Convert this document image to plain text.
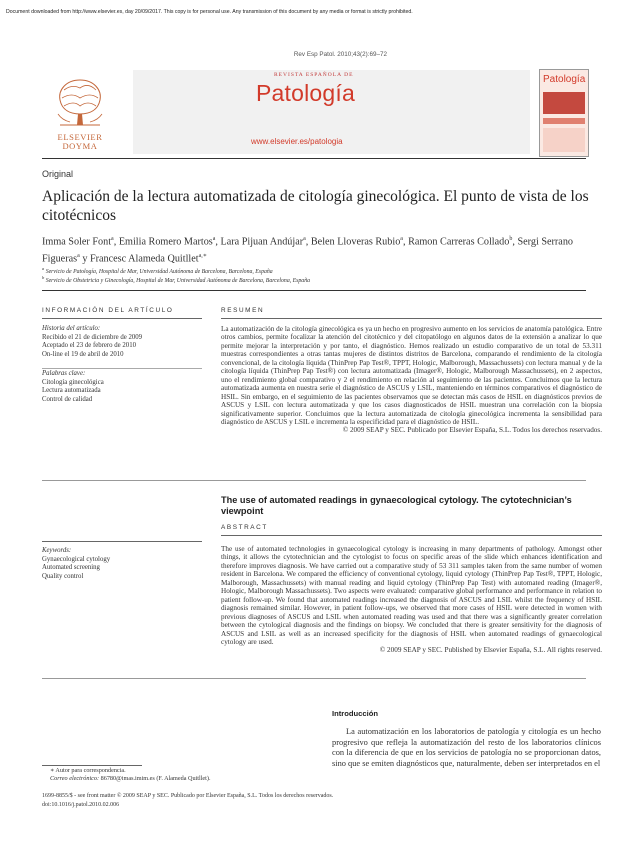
Document downloaded from http://www.elsevier.es, day 20/09/2017. This copy is for personal use. Any transmission of this document by any media or format is strictly prohibited.
Rev Esp Patol. 2010;43(2):69–72
ELSEVIER
DOYMA
REVISTA ESPAÑOLA DE
Patología
www.elsevier.es/patologia
Patología
Original
Aplicación de la lectura automatizada de citología ginecológica. El punto de vista de los citotécnicos
Imma Soler Font$^a$, Emilia Romero Martos$^a$, Lara Pijuan Andújar$^a$, Belen Lloveras Rubio$^a$, Ramon Carreras Collado$^b$, Sergi Serrano Figueras$^a$ y Francesc Alameda Quitllet$^{a,∗}$
$^a$ Servicio de Patología, Hospital de Mar, Universidad Autónoma de Barcelona, Barcelona, España
$^b$ Servicio de Obstetricia y Ginecología, Hospital de Mar, Universidad Autónoma de Barcelona, Barcelona, España
INFORMACIÓN DEL ARTÍCULO
Historia del artículo:
Recibido el 21 de diciembre de 2009
Aceptado el 23 de febrero de 2010
On-line el 19 de abril de 2010
Palabras clave:
Citología ginecológica
Lectura automatizada
Control de calidad
RESUMEN
La automatización de la citología ginecológica es ya un hecho en progresivo aumento en los servicios de anatomía patológica. Entre otros cambios, permite focalizar la atención del citotécnico y del citopatólogo en algunos datos de la extensión a analizar lo que permite mejorar la interpretación y por tanto, el diagnóstico. Hemos realizado un estudio comparativo de un total de 53.311 muestras correspondientes a otras tantas mujeres de distintos distritos de Barcelona, comparando el rendimiento de la citología convencional, de la citología líquida (ThinPrep Pap Test®, TPPT, Hologic, Malborough, Massachussets) con lectura manual y de la citología líquida (ThinPrep Pap Test®) con lectura automatizada (Imager®, Hologic, Malborough Massachussets), en 2 aspectos, uno el rendimiento global comparativo y 2 el rendimiento en relación al seguimiento de las pacientes. Concluimos que la lectura automatizada aumenta en nuestra serie el diagnóstico de ASCUS y LSIL, manteniendo en términos comparativos el diagnóstico de HSIL. Sin embargo, en el seguimiento de las pacientes observamos que se detectan más casos de HSIL en diagnósticos previos de ASCUS y LSIL con lectura automatizada y que los casos diagnosticados de HSIL muestran una correlación con la biopsia significativamente superior. Concluimos que la lectura automatizada de citología ginecológica incrementa la sensibilidad para diagnóstico de ASCUS y LSIL e incrementa la especificidad para el diagnóstico de HSIL.
© 2009 SEAP y SEC. Publicado por Elsevier España, S.L. Todos los derechos reservados.
The use of automated readings in gynaecological cytology. The cytotechnician’s viewpoint
ABSTRACT
Keywords:
Gynaecological cytology
Automated screening
Quality control
The use of automated technologies in gynaecological cytology is increasing in many departments of pathology. Amongst other things, it allows the cytotechnician and the cytologist to focus on specific areas of the slide which enhances identification and therefore improves diagnosis. We have carried out a comparative study of 53 311 samples taken from the same number of women resident in Barcelona. We compared the efficiency of conventional cytology, liquid cytology (ThinPrep Pap Test®, TPPT, Hologic, Malborough, Massachussets) with manual reading and liquid cytology (ThinPrep Pap Test) with automated reading (Imager®, Hologic, Malborough Massachussets). Two aspects were evaluated: comparative global performance and performance in relation to patient follow-up. We found that automated readings increased the diagnosis of ASCUS and LSIL whilst the frequency of HSIL diagnosis remained similar. However, in patient follow-ups, we observed that more cases of HSIL were detected in women with previous diagnoses of ASCUS and LSIL when automated reading was used and that there was a significantly greater correlation between the cytological diagnosis and the findings on biopsy. We concluded that there is greater sensitivity for the diagnosis of ASCUS and LSIL as well as an increased specificity for the diagnosis of HSIL when automated readings of gynaecological cytology are used.
© 2009 SEAP y SEC. Published by Elsevier España, S.L. All rights reserved.
Introducción
La automatización en los laboratorios de patología y citología es un hecho progresivo que refleja la automatización del resto de los laboratorios clínicos con la diferencia de que en los servicios de patología no se proporcionan datos, sino que se emiten diagnósticos que, naturalmente, deben ser interpretados en el
∗ Autor para correspondencia.
Correo electrónico: 86780@imas.imim.es (F. Alameda Quitllet).
1699-8855/$ - see front matter © 2009 SEAP y SEC. Publicado por Elsevier España, S.L. Todos los derechos reservados.
doi:10.1016/j.patol.2010.02.006
